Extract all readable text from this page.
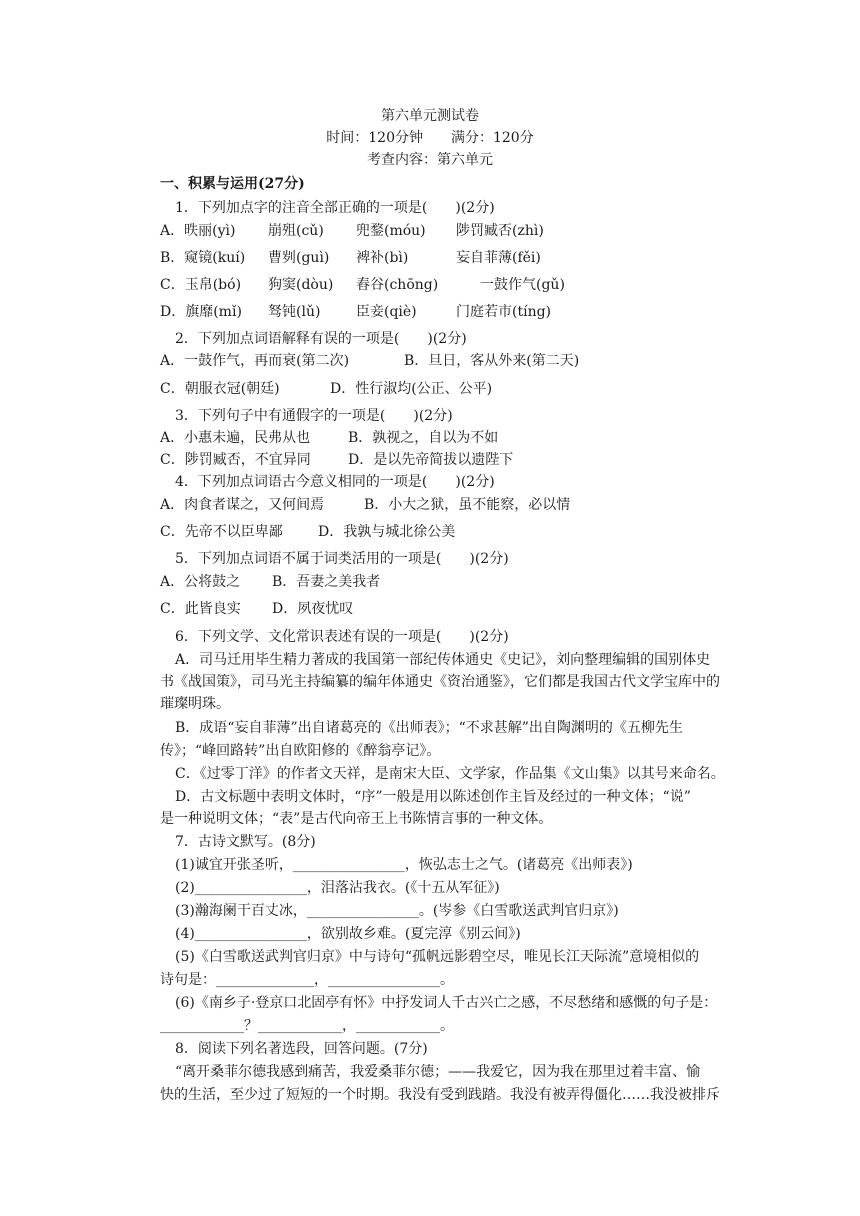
第六单元测试卷
时间：120分钟　　满分：120分
考查内容：第六单元
一、积累与运用(27分)
1．下列加点字的注音全部正确的一项是(　　)(2分)
A．昳丽(yì) 崩殂(cǔ) 兜鍪(móu) 陟罚臧否(zhì)
B．窥镜(kuí) 曹刿(guì) 裨补(bì)	妄自菲薄(fěi)
C．玉帛(bó) 狗窦(dòu) 舂谷(chōng)	一鼓作气(gǔ)
D．旗靡(mǐ) 驽钝(lǔ)	臣妾(qiè)	门庭若市(tíng)
2．下列加点词语解释有误的一项是(　　)(2分)
A．一鼓作气，再而衰(第二次)	B．旦日，客从外来(第二天)
C．朝服衣冠(朝廷)	D．性行淑均(公正、公平)
3．下列句子中有通假字的一项是(　　)(2分)
A．小惠未遍，民弗从也	B．孰视之，自以为不如
C．陟罚臧否，不宜异同	D．是以先帝简拔以遗陛下
4．下列加点词语古今意义相同的一项是(　　)(2分)
A．肉食者谋之，又何间焉	B．小大之狱，虽不能察，必以情
C．先帝不以臣卑鄙	D．我孰与城北徐公美
5．下列加点词语不属于词类活用的一项是(　　)(2分)
A．公将鼓之 B．吾妻之美我者
C．此皆良实 D．夙夜忧叹
6．下列文学、文化常识表述有误的一项是(　　)(2分)
A．司马迁用毕生精力著成的我国第一部纪传体通史《史记》，刘向整理编辑的国别体史
书《战国策》，司马光主持编纂的编年体通史《资治通鉴》，它们都是我国古代文学宝库中的
璀璨明珠。
B．成语“妄自菲薄”出自诸葛亮的《出师表》；“不求甚解”出自陶渊明的《五柳先生
传》；“峰回路转”出自欧阳修的《醉翁亭记》。
C．《过零丁洋》的作者文天祥，是南宋大臣、文学家，作品集《文山集》以其号来命名。
D．古文标题中表明文体时，“序”一般是用以陈述创作主旨及经过的一种文体；“说”
是一种说明文体；“表”是古代向帝王上书陈情言事的一种文体。
7．古诗文默写。(8分)
(1)诚宜开张圣听，________________，恢弘志士之气。(诸葛亮《出师表》)
(2)________________，泪落沾我衣。(《十五从军征》)
(3)瀚海阑干百丈冰，________________。(岑参《白雪歌送武判官归京》)
(4)________________，欲别故乡难。(夏完淳《别云间》)
(5)《白雪歌送武判官归京》中与诗句“孤帆远影碧空尽，唯见长江天际流”意境相似的
诗句是：______________，________________。
(6)《南乡子·登京口北固亭有怀》中抒发词人千古兴亡之感，不尽愁绪和感慨的句子是：
____________？____________，____________。
8．阅读下列名著选段，回答问题。(7分)
“离开桑菲尔德我感到痛苦，我爱桑菲尔德；——我爱它，因为我在那里过着丰富、愉
快的生活，至少过了短短的一个时期。我没有受到践踏。我没有被弄得僵化……我没被排斥
